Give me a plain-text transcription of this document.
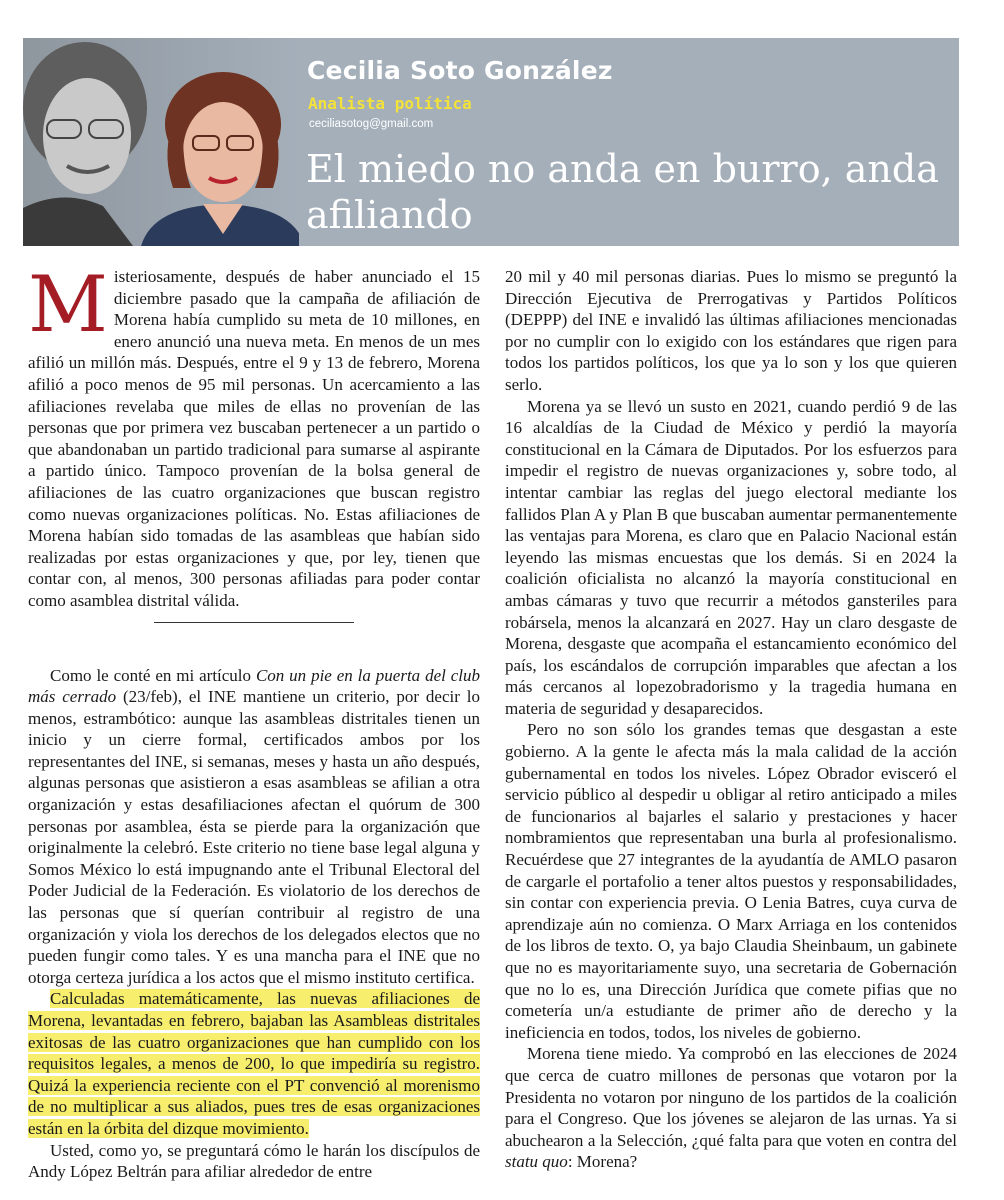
Cecilia Soto González
Analista política
ceciliasotog@gmail.com
El miedo no anda en burro, anda afiliando

Misteriosamente, después de haber anunciado el 15 diciembre pasado que la campaña de afiliación de Morena había cumplido su meta de 10 millones, en enero anunció una nueva meta. En menos de un mes afilió un millón más. Después, entre el 9 y 13 de febrero, Morena afilió a poco menos de 95 mil personas. Un acercamiento a las afiliaciones revelaba que miles de ellas no provenían de las personas que por primera vez buscaban pertenecer a un partido o que abandonaban un partido tradicional para sumarse al aspirante a partido único. Tampoco provenían de la bolsa general de afiliaciones de las cuatro organizaciones que buscan registro como nuevas organizaciones políticas. No. Estas afiliaciones de Morena habían sido tomadas de las asambleas que habían sido realizadas por estas organizaciones y que, por ley, tienen que contar con, al menos, 300 personas afiliadas para poder contar como asamblea distrital válida.

Como le conté en mi artículo Con un pie en la puerta del club más cerrado (23/feb), el INE mantiene un criterio, por decir lo menos, estrambótico: aunque las asambleas distritales tienen un inicio y un cierre formal, certificados ambos por los representantes del INE, si semanas, meses y hasta un año después, algunas personas que asistieron a esas asambleas se afilian a otra organización y estas desafiliaciones afectan el quórum de 300 personas por asamblea, ésta se pierde para la organización que originalmente la celebró. Este criterio no tiene base legal alguna y Somos México lo está impugnando ante el Tribunal Electoral del Poder Judicial de la Federación. Es violatorio de los derechos de las personas que sí querían contribuir al registro de una organización y viola los derechos de los delegados electos que no pueden fungir como tales. Y es una mancha para el INE que no otorga certeza jurídica a los actos que el mismo instituto certifica.

Calculadas matemáticamente, las nuevas afiliaciones de Morena, levantadas en febrero, bajaban las Asambleas distritales exitosas de las cuatro organizaciones que han cumplido con los requisitos legales, a menos de 200, lo que impediría su registro. Quizá la experiencia reciente con el PT convenció al morenismo de no multiplicar a sus aliados, pues tres de esas organizaciones están en la órbita del dizque movimiento.

Usted, como yo, se preguntará cómo le harán los discípulos de Andy López Beltrán para afiliar alrededor de entre

20 mil y 40 mil personas diarias. Pues lo mismo se preguntó la Dirección Ejecutiva de Prerrogativas y Partidos Políticos (DEPPP) del INE e invalidó las últimas afiliaciones mencionadas por no cumplir con lo exigido con los estándares que rigen para todos los partidos políticos, los que ya lo son y los que quieren serlo.

Morena ya se llevó un susto en 2021, cuando perdió 9 de las 16 alcaldías de la Ciudad de México y perdió la mayoría constitucional en la Cámara de Diputados. Por los esfuerzos para impedir el registro de nuevas organizaciones y, sobre todo, al intentar cambiar las reglas del juego electoral mediante los fallidos Plan A y Plan B que buscaban aumentar permanentemente las ventajas para Morena, es claro que en Palacio Nacional están leyendo las mismas encuestas que los demás. Si en 2024 la coalición oficialista no alcanzó la mayoría constitucional en ambas cámaras y tuvo que recurrir a métodos gansteriles para robársela, menos la alcanzará en 2027. Hay un claro desgaste de Morena, desgaste que acompaña el estancamiento económico del país, los escándalos de corrupción imparables que afectan a los más cercanos al lopezobradorismo y la tragedia humana en materia de seguridad y desaparecidos.

Pero no son sólo los grandes temas que desgastan a este gobierno. A la gente le afecta más la mala calidad de la acción gubernamental en todos los niveles. López Obrador evisceró el servicio público al despedir u obligar al retiro anticipado a miles de funcionarios al bajarles el salario y prestaciones y hacer nombramientos que representaban una burla al profesionalismo. Recuérdese que 27 integrantes de la ayudantía de AMLO pasaron de cargarle el portafolio a tener altos puestos y responsabilidades, sin contar con experiencia previa. O Lenia Batres, cuya curva de aprendizaje aún no comienza. O Marx Arriaga en los contenidos de los libros de texto. O, ya bajo Claudia Sheinbaum, un gabinete que no es mayoritariamente suyo, una secretaria de Gobernación que no lo es, una Dirección Jurídica que comete pifias que no cometería un/a estudiante de primer año de derecho y la ineficiencia en todos, todos, los niveles de gobierno.

Morena tiene miedo. Ya comprobó en las elecciones de 2024 que cerca de cuatro millones de personas que votaron por la Presidenta no votaron por ninguno de los partidos de la coalición para el Congreso. Que los jóvenes se alejaron de las urnas. Ya si abuchearon a la Selección, ¿qué falta para que voten en contra del statu quo: Morena?
